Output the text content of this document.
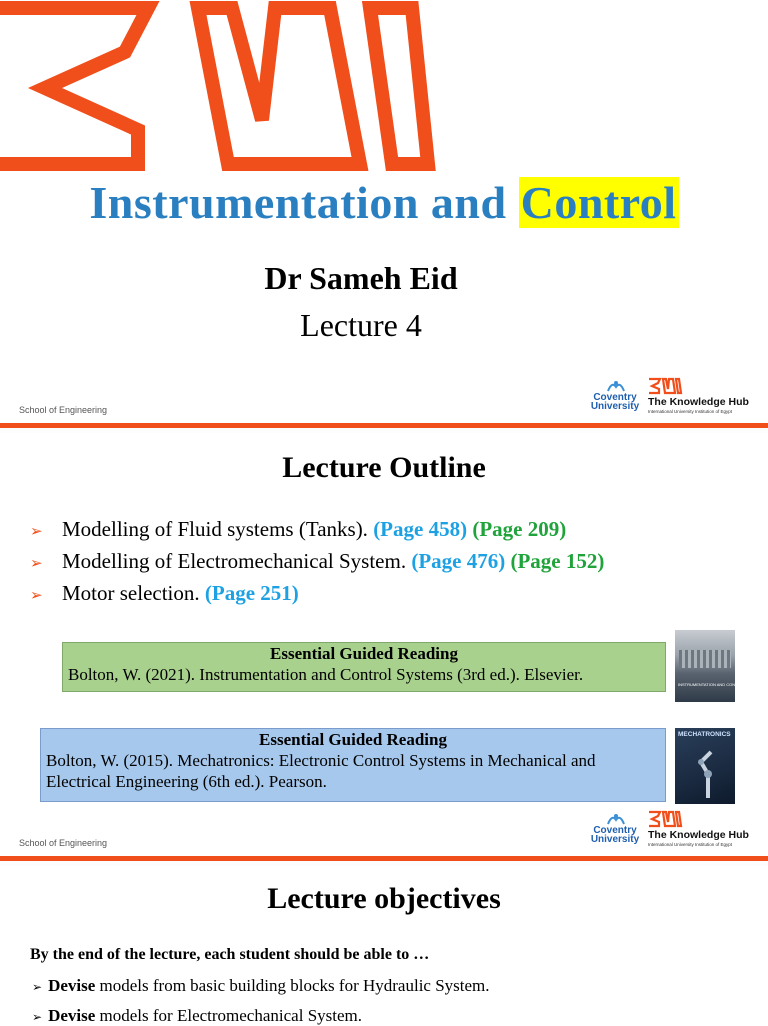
Instrumentation and Control
Dr Sameh Eid
Lecture 4
School of Engineering
Coventry University The Knowledge Hub
International University Institution of Egypt
Lecture Outline
➢ Modelling of Fluid systems (Tanks). (Page 458) (Page 209)
➢ Modelling of Electromechanical System. (Page 476) (Page 152)
➢ Motor selection. (Page 251)
Essential Guided Reading
Bolton, W. (2021). Instrumentation and Control Systems (3rd ed.). Elsevier.
INSTRUMENTATION AND CONTROL SYSTEMS
Essential Guided Reading
Bolton, W. (2015). Mechatronics: Electronic Control Systems in Mechanical and Electrical Engineering (6th ed.). Pearson.
MECHATRONICS
School of Engineering
Coventry University The Knowledge Hub
International University Institution of Egypt
Lecture objectives
By the end of the lecture, each student should be able to …
➢ Devise models from basic building blocks for Hydraulic System.
➢ Devise models for Electromechanical System.
